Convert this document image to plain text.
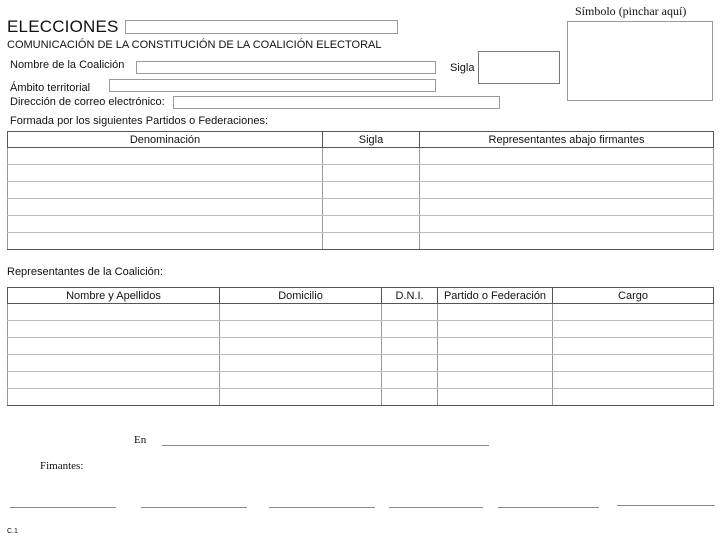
ELECCIONES
COMUNICACIÓN DE LA CONSTITUCIÓN DE LA COALICIÓN ELECTORAL
Símbolo (pinchar aquí)
Nombre de la Coalición	Sigla
Ámbito territorial
Dirección de correo electrónico:
Formada por los siguientes Partidos o Federaciones:
Denominación	Sigla	Representantes abajo firmantes

Representantes de la Coalición:
Nombre y Apellidos	Domicilio	D.N.I.	Partido o Federación	Cargo

En
Fimantes:
C.1
